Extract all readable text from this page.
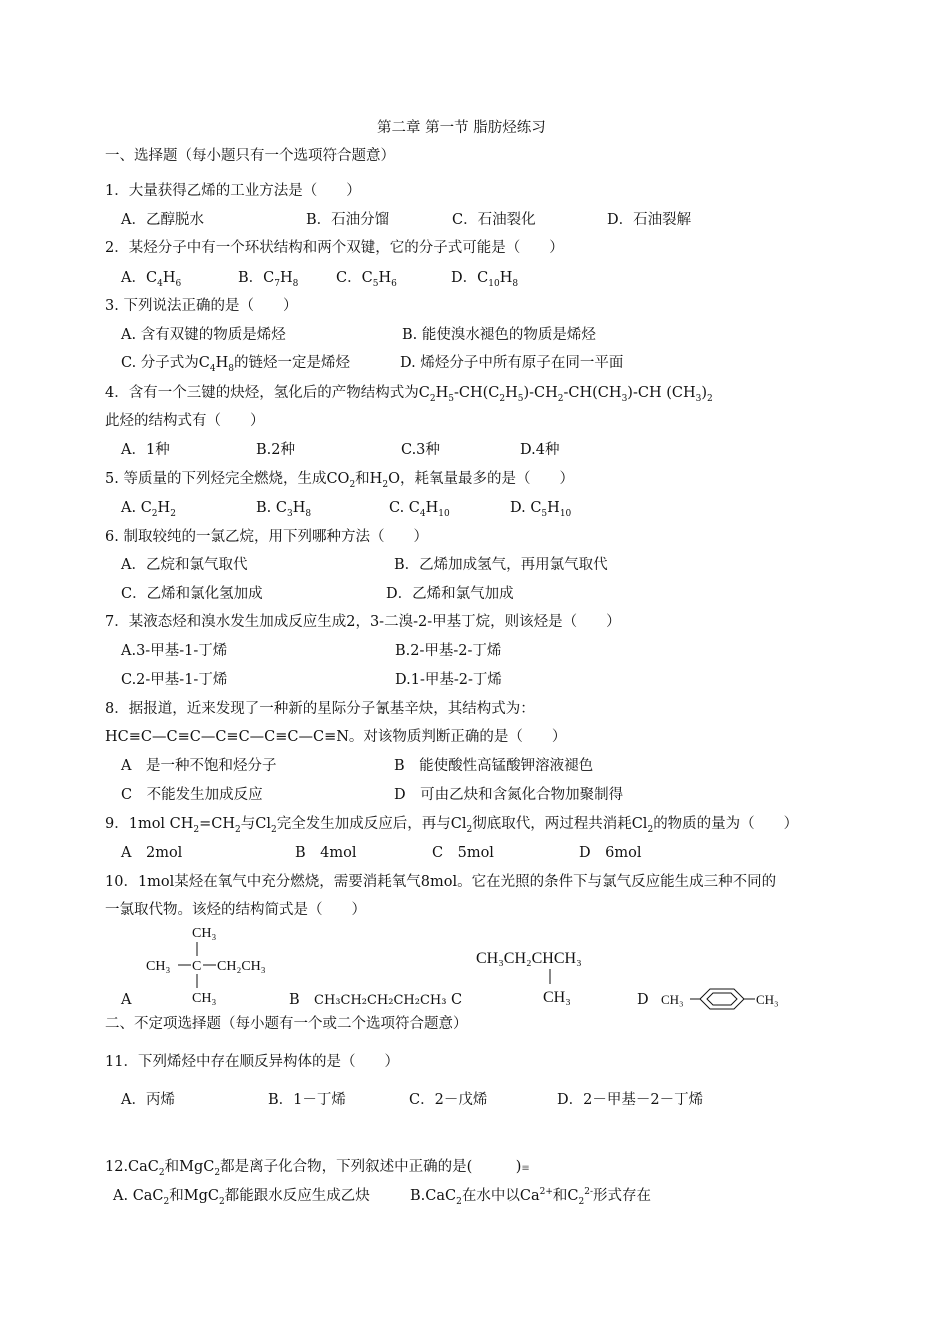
第二章 第一节 脂肪烃练习
一、选择题（每小题只有一个选项符合题意）
1．大量获得乙烯的工业方法是（　　）
A．乙醇脱水	B．石油分馏	C．石油裂化	D．石油裂解
2．某烃分子中有一个环状结构和两个双键，它的分子式可能是（　　）
A．$C_4H_6$	B．$C_7H_8$	C．$C_5H_6$	D．$C_{10}H_8$
3. 下列说法正确的是（　　）
A. 含有双键的物质是烯烃	B. 能使溴水褪色的物质是烯烃
C. 分子式为$C_4H_8$的链烃一定是烯烃	D. 烯烃分子中所有原子在同一平面
4．含有一个三键的炔烃，氢化后的产物结构式为$C_2H_5-CH(C_2H_5)-CH_2-CH(CH_3)-CH$ $(CH_3)_2$
此烃的结构式有（　　）
A．1种	B.2种	C.3种	D.4种
5. 等质量的下列烃完全燃烧，生成$CO_2$和$H_2O$，耗氧量最多的是（　　）
A. $C_2H_2$	B. $C_3H_8$	C. $C_4H_{10}$	D. $C_5H_{10}$
6. 制取较纯的一氯乙烷，用下列哪种方法（　　）
A．乙烷和氯气取代	B．乙烯加成氢气，再用氯气取代
C．乙烯和氯化氢加成	D．乙烯和氯气加成
7．某液态烃和溴水发生加成反应生成2，3-二溴-2-甲基丁烷，则该烃是（　　）
A.3-甲基-1-丁烯	B.2-甲基-2-丁烯
C.2-甲基-1-丁烯	D.1-甲基-2-丁烯
8．据报道，近来发现了一种新的星际分子氰基辛炔，其结构式为：
HC≡C—C≡C—C≡C—C≡C—C≡N。对该物质判断正确的是（　　）
A　是一种不饱和烃分子	B　能使酸性高锰酸钾溶液褪色
C　不能发生加成反应	D　可由乙炔和含氮化合物加聚制得
9．1mol $CH_2=CH_2$与$Cl_2$完全发生加成反应后，再与$Cl_2$彻底取代，两过程共消耗$Cl_2$的物质的量为（　　）
A　2mol	B　4mol	C　5mol	D　6mol
10．1mol某烃在氧气中充分燃烧，需要消耗氧气8mol。它在光照的条件下与氯气反应能生成三种不同的
一氯取代物。该烃的结构简式是（　　）
A	B CH₃CH₂CH₂CH₂CH₃ C	D
CH₃
CH₃ C CH₂CH₃
CH₃
CH₃CH₂CHCH₃
CH₃	CH₃	CH₃
二、不定项选择题（每小题有一个或二个选项符合题意）
11．下列烯烃中存在顺反异构体的是（　　）
A．丙烯	B．1－丁烯	C．2－戊烯	D．2－甲基－2－丁烯
12.CaC$_2$和MgC$_2$都是离子化合物，下列叙述中正确的是(　　　)≡
A. CaC$_2$和MgC$_2$都能跟水反应生成乙炔	B.CaC$_2$在水中以$Ca^{2+}$和$C_2^{2-}$形式存在
